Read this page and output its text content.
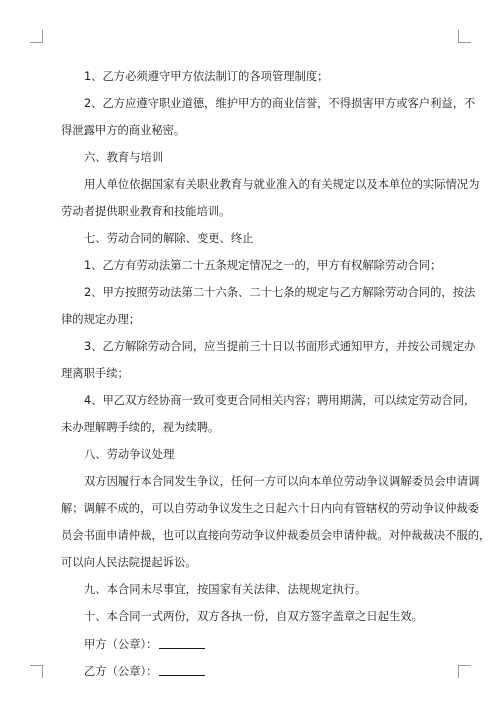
1、乙方必须遵守甲方依法制订的各项管理制度；
2、乙方应遵守职业道德，维护甲方的商业信誉，不得损害甲方或客户利益，不
得泄露甲方的商业秘密。
六、教育与培训
用人单位依据国家有关职业教育与就业准入的有关规定以及本单位的实际情况为
劳动者提供职业教育和技能培训。
七、劳动合同的解除、变更、终止
1、乙方有劳动法第二十五条规定情况之一的，甲方有权解除劳动合同；
2、甲方按照劳动法第二十六条、二十七条的规定与乙方解除劳动合同的，按法
律的规定办理；
3、乙方解除劳动合同，应当提前三十日以书面形式通知甲方，并按公司规定办
理离职手续；
4、甲乙双方经协商一致可变更合同相关内容；聘用期满，可以续定劳动合同，
未办理解聘手续的，视为续聘。
八、劳动争议处理
双方因履行本合同发生争议，任何一方可以向本单位劳动争议调解委员会申请调
解；调解不成的，可以自劳动争议发生之日起六十日内向有管辖权的劳动争议仲裁委
员会书面申请仲裁，也可以直接向劳动争议仲裁委员会申请仲裁。对仲裁裁决不服的，
可以向人民法院提起诉讼。
九、本合同未尽事宜，按国家有关法律、法规规定执行。
十、本合同一式两份，双方各执一份，自双方签字盖章之日起生效。
甲方（公章）：
乙方（公章）：
